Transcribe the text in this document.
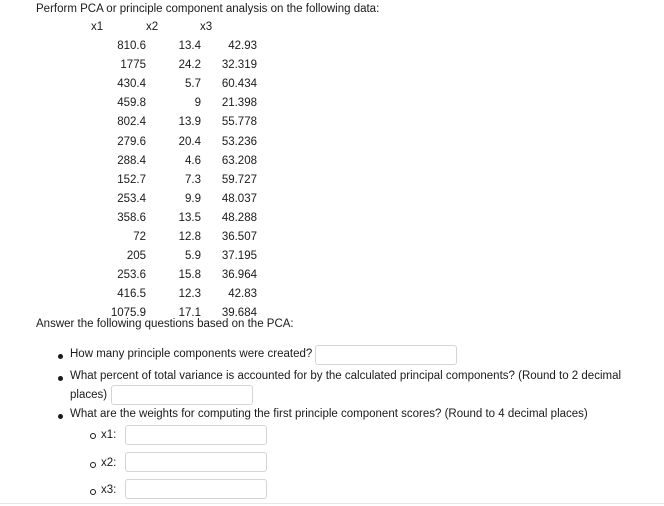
Perform PCA or principle component analysis on the following data:
x1	x2	x3
810.6	13.4	42.93
1775	24.2	32.319
430.4	5.7	60.434
459.8	9	21.398
802.4	13.9	55.778
279.6	20.4	53.236
288.4	4.6	63.208
152.7	7.3	59.727
253.4	9.9	48.037
358.6	13.5	48.288
72	12.8	36.507
205	5.9	37.195
253.6	15.8	36.964
416.5	12.3	42.83
1075.9	17.1	39.684
Answer the following questions based on the PCA:
How many principle components were created?
What percent of total variance is accounted for by the calculated principal components? (Round to 2 decimal
places)
What are the weights for computing the first principle component scores? (Round to 4 decimal places)
x1:
x2:
x3:
